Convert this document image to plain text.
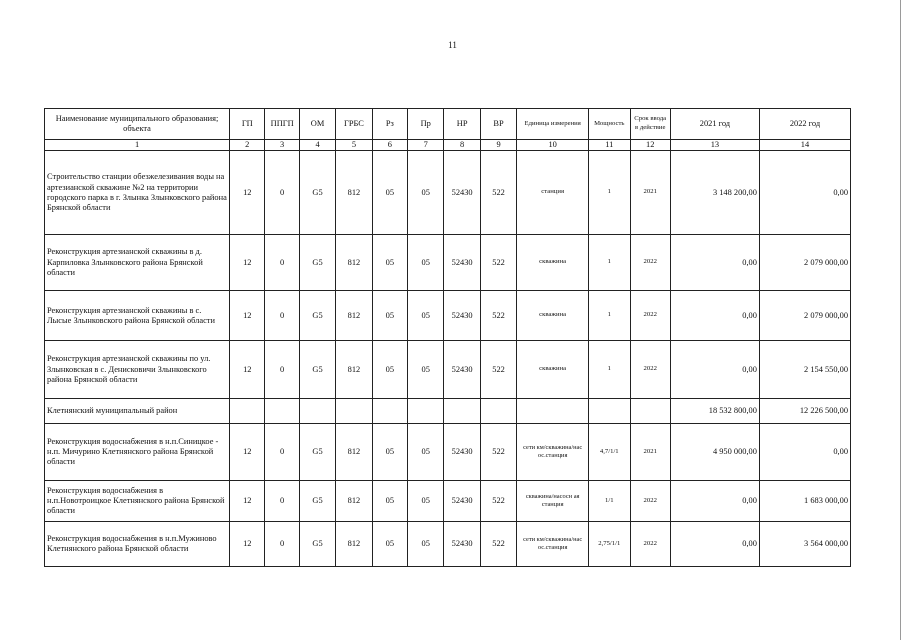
11
Наименование муниципального образования; объекта	ГП	ППГП	ОМ	ГРБС	Рз	Пр	НР	ВР	Единица измерения	Мощность	Срок ввода в действие	2021 год	2022 год
1	2	3	4	5	6	7	8	9	10	11	12	13	14
Строительство станции обезжелезивания воды на артезианской скважине №2 на территории городского парка в г. Злынка Злынковского района Брянской области	12	0	G5	812	05	05	52430	522	станция	1	2021	3 148 200,00	0,00
Реконструкция артезианской скважины в д. Карпиловка Злынковского района Брянской области	12	0	G5	812	05	05	52430	522	скважина	1	2022	0,00	2 079 000,00
Реконструкция артезианской скважины в с. Лысые Злынковского района Брянской области	12	0	G5	812	05	05	52430	522	скважина	1	2022	0,00	2 079 000,00
Реконструкция артезианской скважины по ул. Злынковская в с. Денисковичи Злынковского района Брянской области	12	0	G5	812	05	05	52430	522	скважина	1	2022	0,00	2 154 550,00
Клетнянский муниципальный район												18 532 800,00	12 226 500,00
Реконструкция водоснабжения в н.п.Синицкое - н.п. Мичурино Клетнянского района Брянской области	12	0	G5	812	05	05	52430	522	сети км/скважина/нас ос.станция	4,7/1/1	2021	4 950 000,00	0,00
Реконструкция водоснабжения в н.п.Новотроицкое Клетнянского района Брянской области	12	0	G5	812	05	05	52430	522	скважина/насосн ая станция	1/1	2022	0,00	1 683 000,00
Реконструкция водоснабжения в н.п.Мужиново Клетнянского района Брянской области	12	0	G5	812	05	05	52430	522	сети км/скважина/нас ос.станция	2,75/1/1	2022	0,00	3 564 000,00
